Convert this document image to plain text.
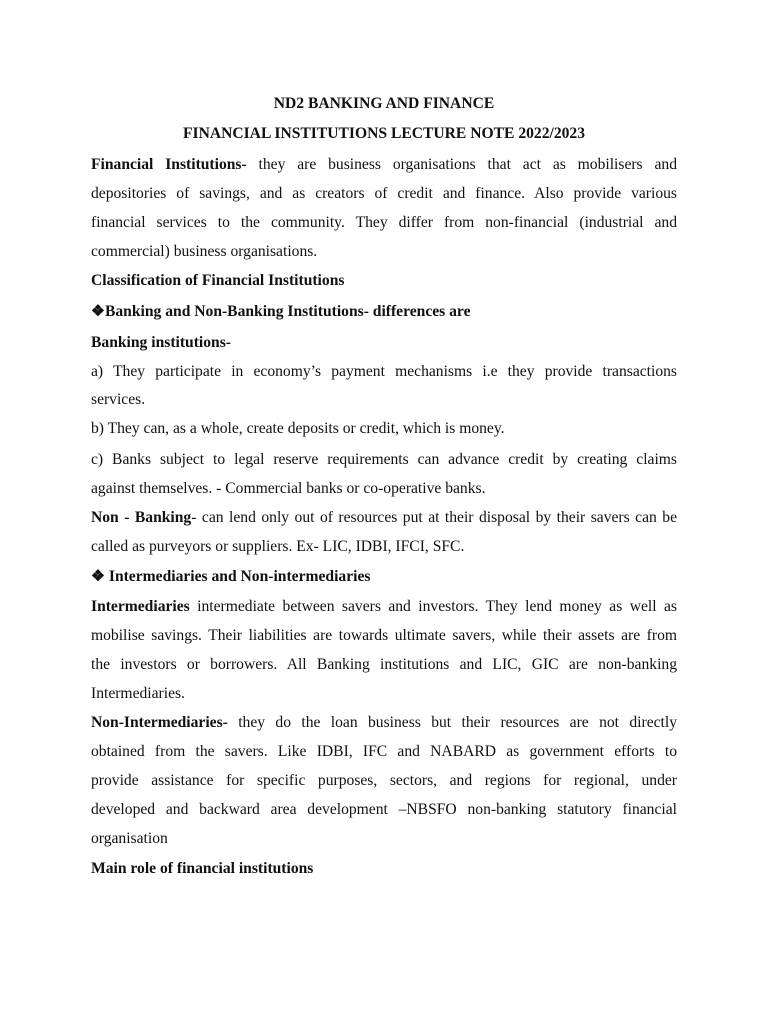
ND2 BANKING AND FINANCE
FINANCIAL INSTITUTIONS LECTURE NOTE 2022/2023
Financial Institutions- they are business organisations that act as mobilisers and
depositories of savings, and as creators of credit and finance. Also provide various
financial services to the community. They differ from non-financial (industrial and
commercial) business organisations.
Classification of Financial Institutions
❖Banking and Non-Banking Institutions- differences are
Banking institutions-
a) They participate in economy’s payment mechanisms i.e they provide transactions
services.
b) They can, as a whole, create deposits or credit, which is money.
c) Banks subject to legal reserve requirements can advance credit by creating claims
against themselves. - Commercial banks or co-operative banks.
Non - Banking- can lend only out of resources put at their disposal by their savers can be
called as purveyors or suppliers. Ex- LIC, IDBI, IFCI, SFC.
❖ Intermediaries and Non-intermediaries
Intermediaries intermediate between savers and investors. They lend money as well as
mobilise savings. Their liabilities are towards ultimate savers, while their assets are from
the investors or borrowers. All Banking institutions and LIC, GIC are non-banking
Intermediaries.
Non-Intermediaries- they do the loan business but their resources are not directly
obtained from the savers. Like IDBI, IFC and NABARD as government efforts to
provide assistance for specific purposes, sectors, and regions for regional, under
developed and backward area development –NBSFO non-banking statutory financial
organisation
Main role of financial institutions
